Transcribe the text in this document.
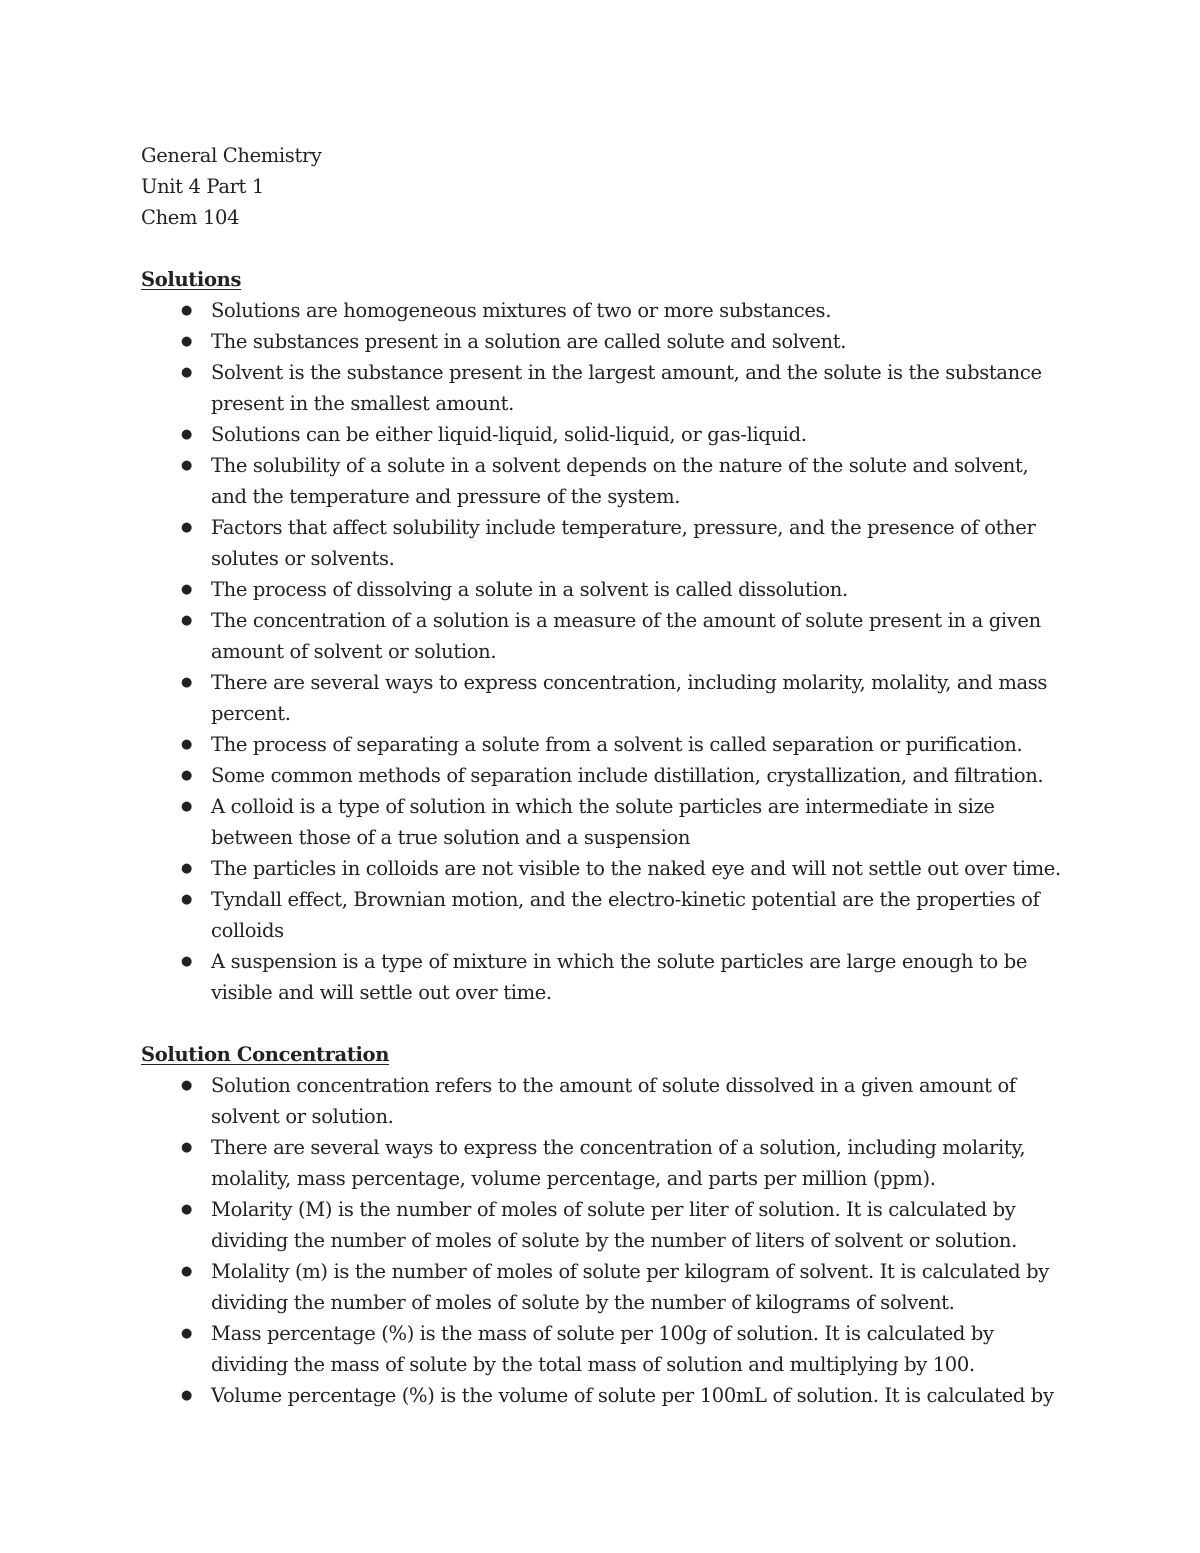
General Chemistry
Unit 4 Part 1
Chem 104
Solutions
● Solutions are homogeneous mixtures of two or more substances.
● The substances present in a solution are called solute and solvent.
● Solvent is the substance present in the largest amount, and the solute is the substance present in the smallest amount.
● Solutions can be either liquid-liquid, solid-liquid, or gas-liquid.
● The solubility of a solute in a solvent depends on the nature of the solute and solvent, and the temperature and pressure of the system.
● Factors that affect solubility include temperature, pressure, and the presence of other solutes or solvents.
● The process of dissolving a solute in a solvent is called dissolution.
● The concentration of a solution is a measure of the amount of solute present in a given amount of solvent or solution.
● There are several ways to express concentration, including molarity, molality, and mass percent.
● The process of separating a solute from a solvent is called separation or purification.
● Some common methods of separation include distillation, crystallization, and filtration.
● A colloid is a type of solution in which the solute particles are intermediate in size between those of a true solution and a suspension
● The particles in colloids are not visible to the naked eye and will not settle out over time.
● Tyndall effect, Brownian motion, and the electro-kinetic potential are the properties of colloids
● A suspension is a type of mixture in which the solute particles are large enough to be visible and will settle out over time.
Solution Concentration
● Solution concentration refers to the amount of solute dissolved in a given amount of solvent or solution.
● There are several ways to express the concentration of a solution, including molarity, molality, mass percentage, volume percentage, and parts per million (ppm).
● Molarity (M) is the number of moles of solute per liter of solution. It is calculated by dividing the number of moles of solute by the number of liters of solvent or solution.
● Molality (m) is the number of moles of solute per kilogram of solvent. It is calculated by dividing the number of moles of solute by the number of kilograms of solvent.
● Mass percentage (%) is the mass of solute per 100g of solution. It is calculated by dividing the mass of solute by the total mass of solution and multiplying by 100.
● Volume percentage (%) is the volume of solute per 100mL of solution. It is calculated by
